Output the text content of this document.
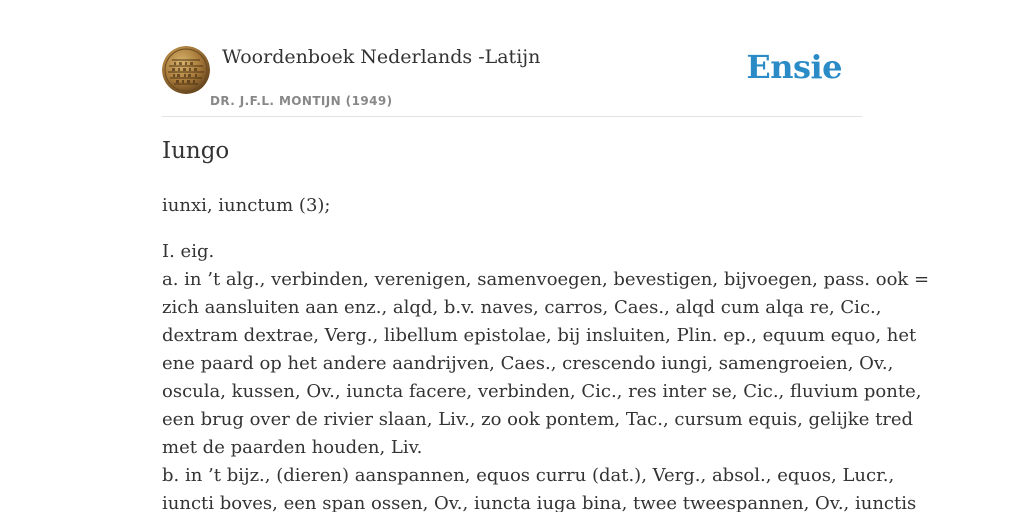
Woordenboek Nederlands -Latijn
DR. J.F.L. MONTIJN (1949)
Ensie
Iungo

iunxi, iunctum (3);

I. eig.
a. in ’t alg., verbinden, verenigen, samenvoegen, bevestigen, bijvoegen, pass. ook =
zich aansluiten aan enz., alqd, b.v. naves, carros, Caes., alqd cum alqa re, Cic.,
dextram dextrae, Verg., libellum epistolae, bij insluiten, Plin. ep., equum equo, het
ene paard op het andere aandrijven, Caes., crescendo iungi, samengroeien, Ov.,
oscula, kussen, Ov., iuncta facere, verbinden, Cic., res inter se, Cic., fluvium ponte,
een brug over de rivier slaan, Liv., zo ook pontem, Tac., cursum equis, gelijke tred
met de paarden houden, Liv.
b. in ’t bijz., (dieren) aanspannen, equos curru (dat.), Verg., absol., equos, Lucr.,
iuncti boves, een span ossen, Ov., iuncta iuga bina, twee tweespannen, Ov., iunctis
